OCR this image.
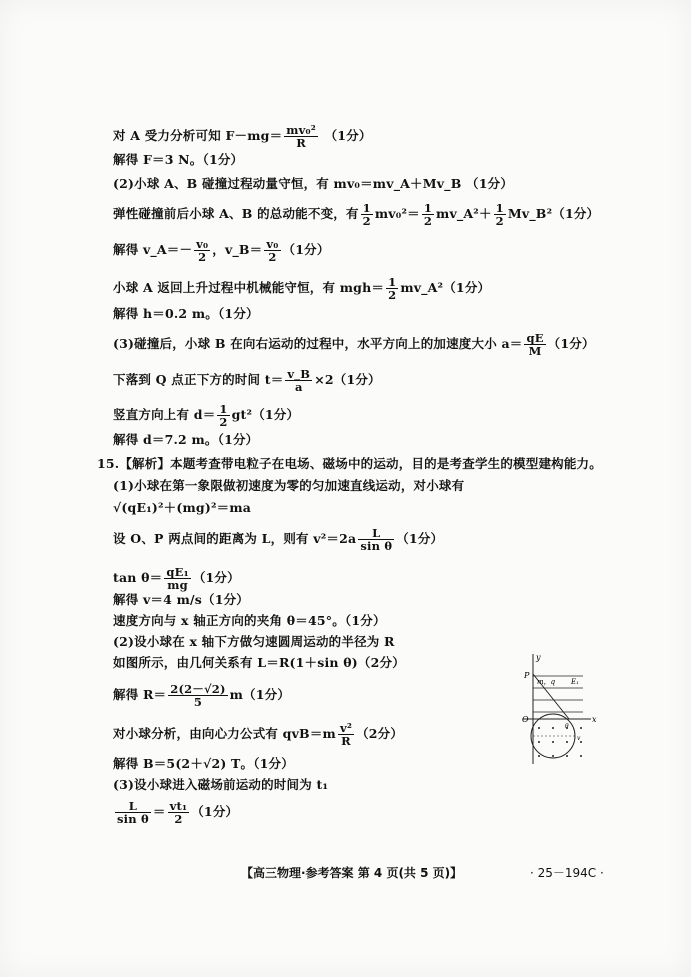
对 A 受力分析可知 $F-mg= \frac{\text{mv₀²}}{R} (1$分）
解得 F＝3 N。（1分）
(2)小球 A、B 碰撞过程动量守恒，有 mv₀＝mv_A＋Mv_B （1分）
弹性碰撞前后小球 A、B 的总动能不变，有 $\frac{1}{2} mv_0^2= \frac{1}{2}$ mv_A²＋ $\frac{1}{2}$ Mv_B²（1分）
解得 v_A＝－ $\frac{\text{v₀}}{2}$ ，v_B＝ $\frac{\text{v₀}}{2} (1$分）
小球 A 返回上升过程中机械能守恒，有 $mgh= \frac{1}{2}$ mv_A²（1分）
解得 h＝0.2 m。（1分）
(3)碰撞后，小球 B 在向右运动的过程中，水平方向上的加速度大小 $a= \frac{qE}{M} (1$分）
下落到 Q 点正下方的时间 $t= \frac{v\_B}{a} \times 2(1$分）
竖直方向上有 $d= \frac{1}{2} gt^2(1$分）
解得 d＝7.2 m。（1分）
15.【解析】本题考查带电粒子在电场、磁场中的运动，目的是考查学生的模型建构能力。
(1)小球在第一象限做初速度为零的匀加速直线运动，对小球有
√(qE₁)²＋(mg)²＝ma
设 O、P 两点间的距离为 L，则有 $v^2=2a \frac{L}{\text{sin θ}} (1$分）
$\tan \theta= \frac{\text{qE₁}}{mg} (1$分）
解得 v＝4 m/s（1分）
速度方向与 x 轴正方向的夹角 θ＝45°。（1分）
(2)设小球在 x 轴下方做匀速圆周运动的半径为 R
如图所示，由几何关系有 L＝R(1＋sin θ)（2分）
解得 $R= \frac{2(2-√2)}{5} m(1$分）
对小球分析，由向心力公式有 $qvB=m \frac{\text{v²}}{R} (2$分）
解得 B＝5(2＋√2) T。（1分）
(3)设小球进入磁场前运动的时间为 t₁
$\frac{L}{\text{sin θ}} = \frac{\text{vt₁}}{2} (1$分）
y
x
P
O
m，q E₁
θ
v
【高三物理·参考答案 第 4 页(共 5 页)】	· 25－194C ·
